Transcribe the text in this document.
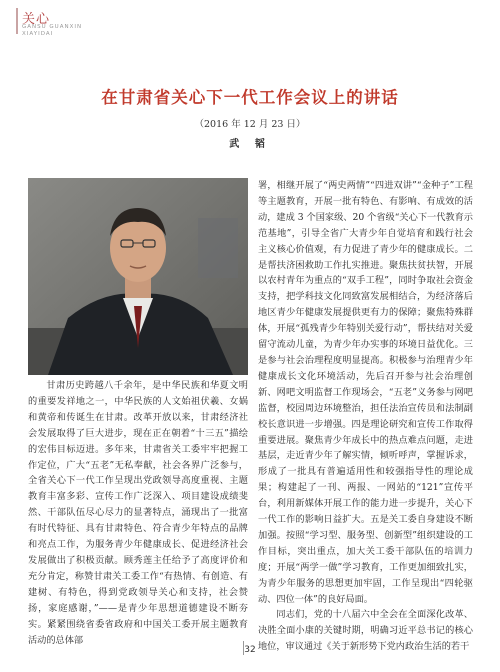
关心
GANSU GUANXIN
XIAYIDAI
在甘肃省关心下一代工作会议上的讲话
（2016 年 12 月 23 日）
武 韬

甘肃历史跨越八千余年，是中华民族和华夏文明的重要发祥地之一，中华民族的人文始祖伏羲、女娲和黄帝和传诞生在甘肃。改革开放以来，甘肃经济社会发展取得了巨大进步，现在正在朝着“十三五”描绘的宏伟目标迈进。多年来，甘肃省关工委牢牢把握工作定位，广大“五老”无私奉献，社会各界广泛参与，全省关心下一代工作呈现出党政领导高度重视、主题教育丰富多彩、宣传工作广泛深入、项目建设成绩斐然、干部队伍尽心尽力的显著特点，涌现出了一批富有时代特征、具有甘肃特色、符合青少年特点的品牌和亮点工作，为服务青少年健康成长、促进经济社会发展做出了积极贡献。顾秀莲主任给予了高度评价和充分肯定，称赞甘肃关工委工作“有热情、有创造、有建树、有特色，得到党政领导关心和支持，社会赞扬，家庭感谢，”——是青少年思想道德建设不断夯实。紧紧围绕省委省政府和中国关工委开展主题教育活动的总体部

署，相继开展了“两史两情”“四进双讲”“金种子”工程等主题教育，开展一批有特色、有影响、有成效的活动，建成 3 个国家级、20 个省级“关心下一代教育示范基地”，引导全省广大青少年自觉培育和践行社会主义核心价值观，有力促进了青少年的健康成长。二是帮扶济困救助工作扎实推进。聚焦扶贫扶智，开展以农村青年为重点的“双手工程”，同时争取社会资金支持，把学科技文化同致富发展相结合，为经济落后地区青少年健康发展提供更有力的保障；聚焦特殊群体，开展“孤残青少年特别关爱行动”，帮扶结对关爱留守流动儿童，为青少年办实事的环境日益优化。三是参与社会治理程度明显提高。积极参与治理青少年健康成长文化环境活动，先后召开参与社会治理创新、网吧文明监督工作现场会，“五老”义务参与网吧监督，校园周边环境整治，担任法治宣传员和法制副校长意识进一步增强。四是理论研究和宣传工作取得重要进展。聚焦青少年成长中的热点难点问题，走进基层，走近青少年了解实情，倾听呼声，掌握诉求，形成了一批具有普遍适用性和较强指导性的理论成果；构建起了一刊、两报、一网站的“121”宣传平台，利用新媒体开展工作的能力进一步提升，关心下一代工作的影响日益扩大。五是关工委自身建设不断加强。按照“学习型、服务型、创新型”组织建设的工作目标，突出重点，加大关工委干部队伍的培训力度；开展“两学一做”学习教育，工作更加细致扎实，为青少年服务的思想更加牢固，工作呈现出“四轮驱动、四位一体”的良好局面。

同志们，党的十八届六中全会在全面深化改革、决胜全面小康的关键时期，明确习近平总书记的核心地位，审议通过《关于新形势下党内政治生活的若干

32
